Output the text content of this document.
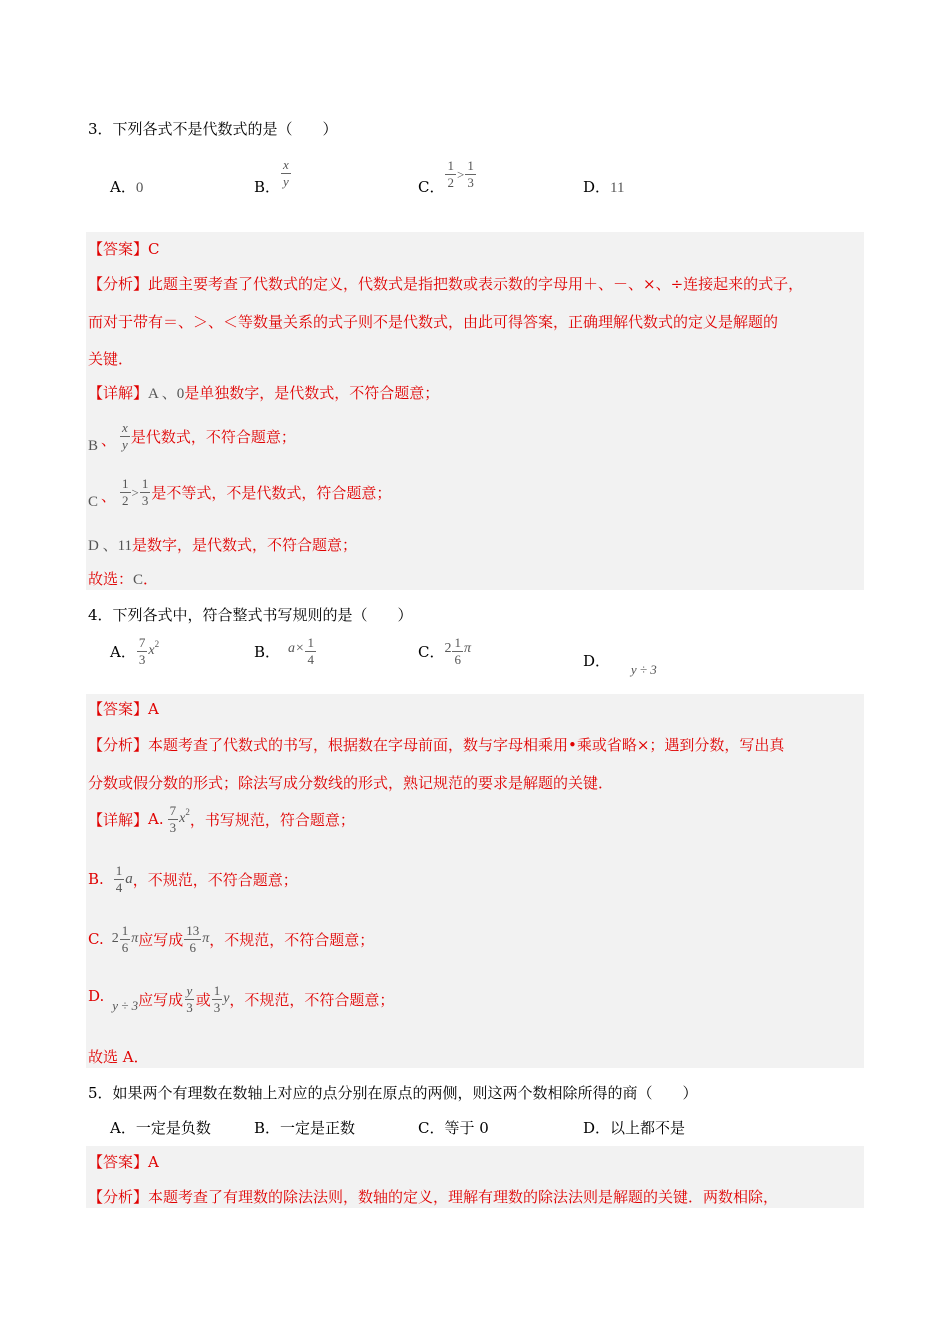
3．下列各式不是代数式的是（　　）
A．0	B． $\frac{x}{y}$	C． $\frac{1}{2} > \frac{1}{3}$	D．11
【答案】C
【分析】此题主要考查了代数式的定义，代数式是指把数或表示数的字母用＋、－、×、÷连接起来的式子，
而对于带有＝、＞、＜等数量关系的式子则不是代数式，由此可得答案，正确理解代数式的定义是解题的
关键．
【详解】A 、0是单独数字，是代数式，不符合题意；
B 、 $\frac{x}{y}$ 是代数式，不符合题意；
C 、 $\frac{1}{2} > \frac{1}{3}$ 是不等式，不是代数式，符合题意；
D 、11是数字，是代数式，不符合题意；
故选：C．
4．下列各式中，符合整式书写规则的是（　　）
A． $\frac{7}{3} x^2$	B． $a\times \frac{1}{4}$	C． $2 \frac{1}{6}$ π
D． y ÷ 3
【答案】A
【分析】本题考查了代数式的书写，根据数在字母前面，数与字母相乘用•乘或省略×；遇到分数，写出真
分数或假分数的形式；除法写成分数线的形式，熟记规范的要求是解题的关键．
【详解】 A. $\frac{7}{3} x^2$ ，书写规范，符合题意；
B. $\frac{1}{4}$ a ，不规范，不符合题意；
C. $2 \frac{1}{6}$ π 应写成 $\frac{13}{6}$ π ，不规范，不符合题意；
D.
y ÷ 3 应写成 $\frac{y}{3}$ 或 $\frac{1}{3}$ y ，不规范，不符合题意；
故选 A．
5．如果两个有理数在数轴上对应的点分别在原点的两侧，则这两个数相除所得的商（　　）
A．一定是负数	B．一定是正数	C．等于 0	D．以上都不是
【答案】A
【分析】本题考查了有理数的除法法则，数轴的定义，理解有理数的除法法则是解题的关键．两数相除，
